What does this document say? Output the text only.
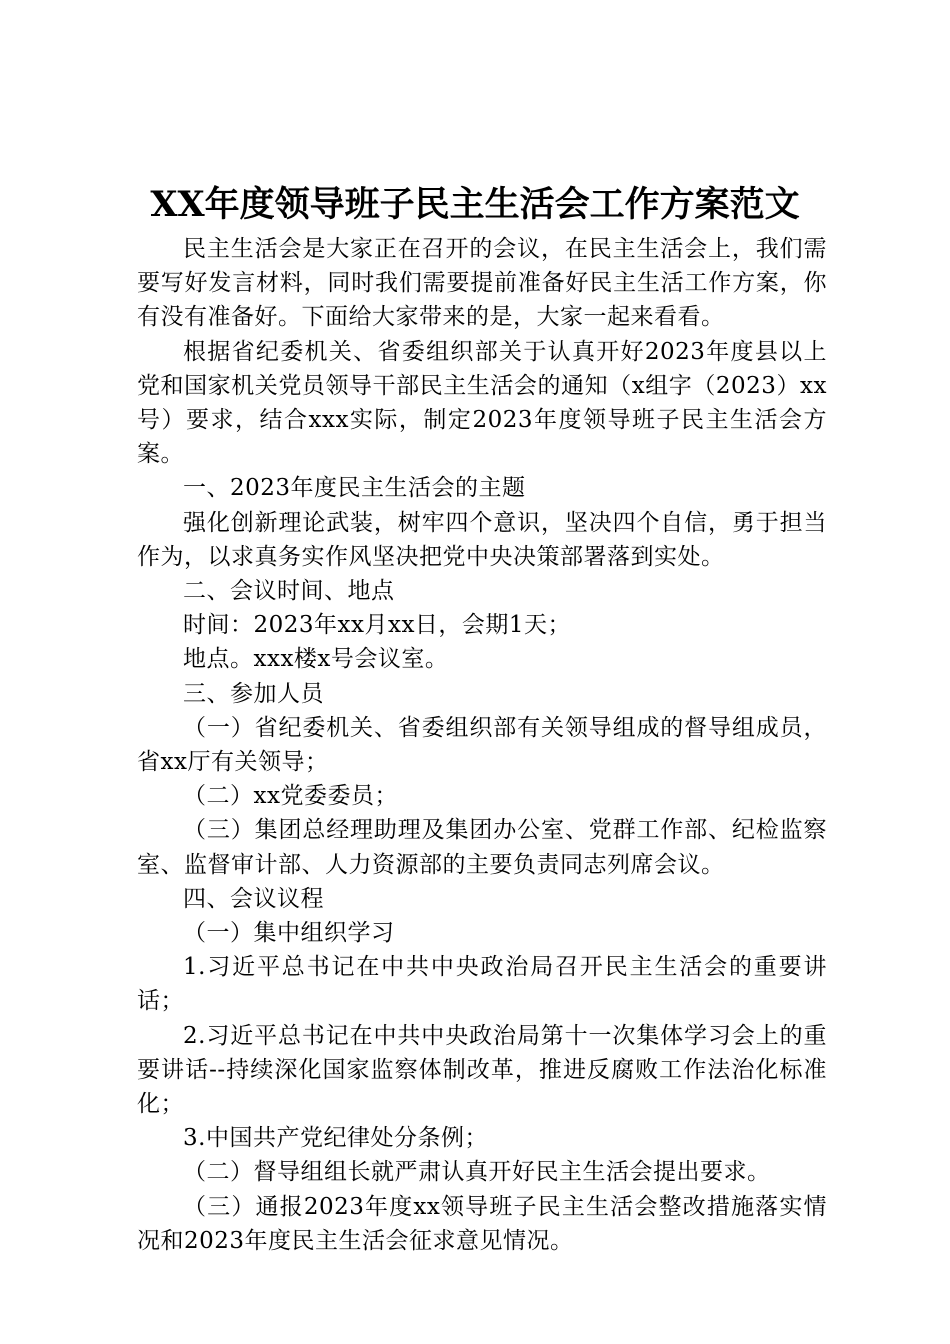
XX年度领导班子民主生活会工作方案范文

民主生活会是大家正在召开的会议，在民主生活会上，我们需要写好发言材料，同时我们需要提前准备好民主生活工作方案，你有没有准备好。下面给大家带来的是，大家一起来看看。

根据省纪委机关、省委组织部关于认真开好2023年度县以上党和国家机关党员领导干部民主生活会的通知（x组字（2023）xx号）要求，结合xxx实际，制定2023年度领导班子民主生活会方案。

一、2023年度民主生活会的主题

强化创新理论武装，树牢四个意识，坚决四个自信，勇于担当作为，以求真务实作风坚决把党中央决策部署落到实处。

二、会议时间、地点

时间：2023年xx月xx日，会期1天；

地点。xxx楼x号会议室。

三、参加人员

（一）省纪委机关、省委组织部有关领导组成的督导组成员，省xx厅有关领导；

（二）xx党委委员；

（三）集团总经理助理及集团办公室、党群工作部、纪检监察室、监督审计部、人力资源部的主要负责同志列席会议。

四、会议议程

（一）集中组织学习

1.习近平总书记在中共中央政治局召开民主生活会的重要讲话；

2.习近平总书记在中共中央政治局第十一次集体学习会上的重要讲话--持续深化国家监察体制改革，推进反腐败工作法治化标准化；

3.中国共产党纪律处分条例；

（二）督导组组长就严肃认真开好民主生活会提出要求。

（三）通报2023年度xx领导班子民主生活会整改措施落实情况和2023年度民主生活会征求意见情况。
